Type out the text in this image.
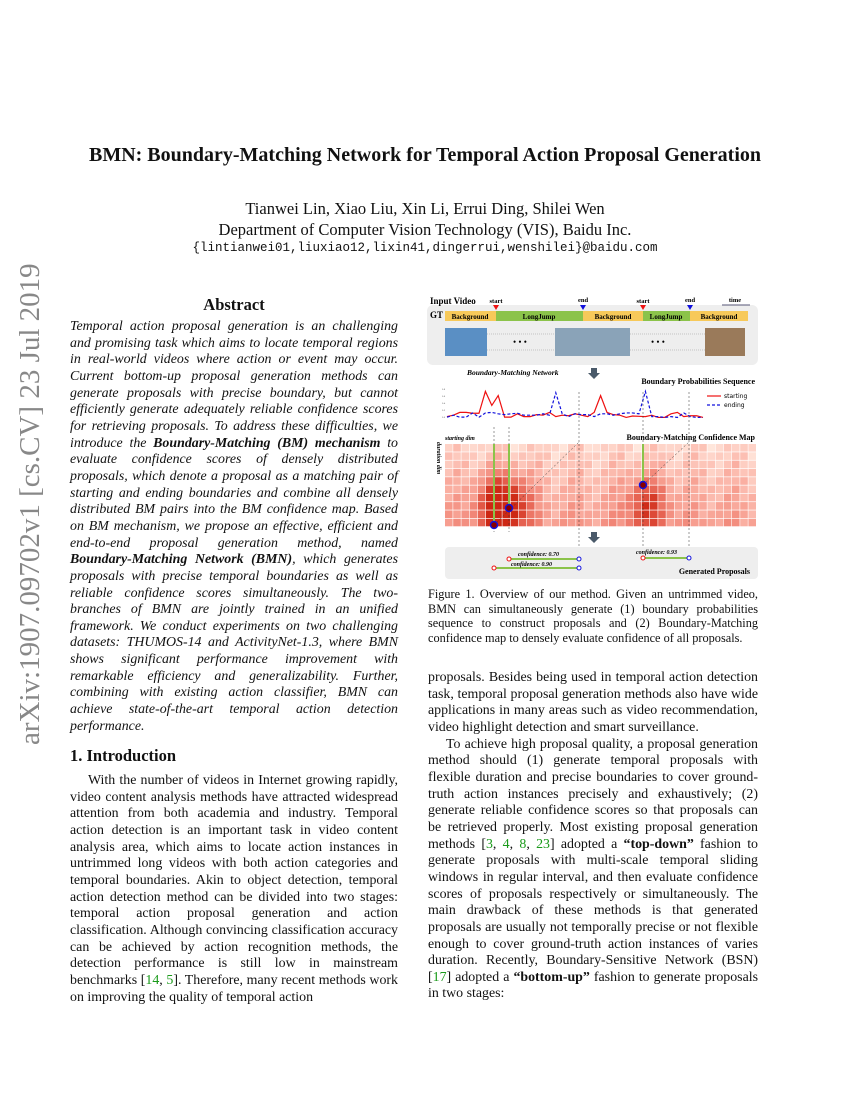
arXiv:1907.09702v1 [cs.CV] 23 Jul 2019
BMN: Boundary-Matching Network for Temporal Action Proposal Generation
Tianwei Lin, Xiao Liu, Xin Li, Errui Ding, Shilei Wen
Department of Computer Vision Technology (VIS), Baidu Inc.
{lintianwei01,liuxiao12,lixin41,dingerrui,wenshilei}@baidu.com
Abstract

Temporal action proposal generation is an challenging and promising task which aims to locate temporal regions in real-world videos where action or event may occur. Current bottom-up proposal generation methods can generate proposals with precise boundary, but cannot efficiently generate adequately reliable confidence scores for retrieving proposals. To address these difficulties, we introduce the Boundary-Matching (BM) mechanism to evaluate confidence scores of densely distributed proposals, which denote a proposal as a matching pair of starting and ending boundaries and combine all densely distributed BM pairs into the BM confidence map. Based on BM mechanism, we propose an effective, efficient and end-to-end proposal generation method, named Boundary-Matching Network (BMN), which generates proposals with precise temporal boundaries as well as reliable confidence scores simultaneously. The two-branches of BMN are jointly trained in an unified framework. We conduct experiments on two challenging datasets: THUMOS-14 and ActivityNet-1.3, where BMN shows significant performance improvement with remarkable efficiency and generalizability. Further, combining with existing action classifier, BMN can achieve state-of-the-art temporal action detection performance.

1. Introduction

With the number of videos in Internet growing rapidly, video content analysis methods have attracted widespread attention from both academia and industry. Temporal action detection is an important task in video content analysis area, which aims to locate action instances in untrimmed long videos with both action categories and temporal boundaries. Akin to object detection, temporal action detection method can be divided into two stages: temporal action proposal generation and action classification. Although convincing classification accuracy can be achieved by action recognition methods, the detection performance is still low in mainstream benchmarks [14, 5]. Therefore, many recent methods work on improving the quality of temporal action

Input Video
GT Background	LongJump	Background	LongJump	Background
start	end	start	end	time
• • •	• • •
Boundary-Matching Network
Boundary Probabilities Sequence
0.8
0.6
0.4
0.2
0.0
starting
ending
Boundary-Matching Confidence Map
starting dim
duration dim
Generated Proposals
confidence: 0.70
confidence: 0.90
confidence: 0.93
Figure 1. Overview of our method. Given an untrimmed video, BMN can simultaneously generate (1) boundary probabilities sequence to construct proposals and (2) Boundary-Matching confidence map to densely evaluate confidence of all proposals.

proposals. Besides being used in temporal action detection task, temporal proposal generation methods also have wide applications in many areas such as video recommendation, video highlight detection and smart surveillance.

To achieve high proposal quality, a proposal generation method should (1) generate temporal proposals with flexible duration and precise boundaries to cover ground-truth action instances precisely and exhaustively; (2) generate reliable confidence scores so that proposals can be retrieved properly. Most existing proposal generation methods [3, 4, 8, 23] adopted a “top-down” fashion to generate proposals with multi-scale temporal sliding windows in regular interval, and then evaluate confidence scores of proposals respectively or simultaneously. The main drawback of these methods is that generated proposals are usually not temporally precise or not flexible enough to cover ground-truth action instances of varies duration. Recently, Boundary-Sensitive Network (BSN) [17] adopted a “bottom-up” fashion to generate proposals in two stages:
